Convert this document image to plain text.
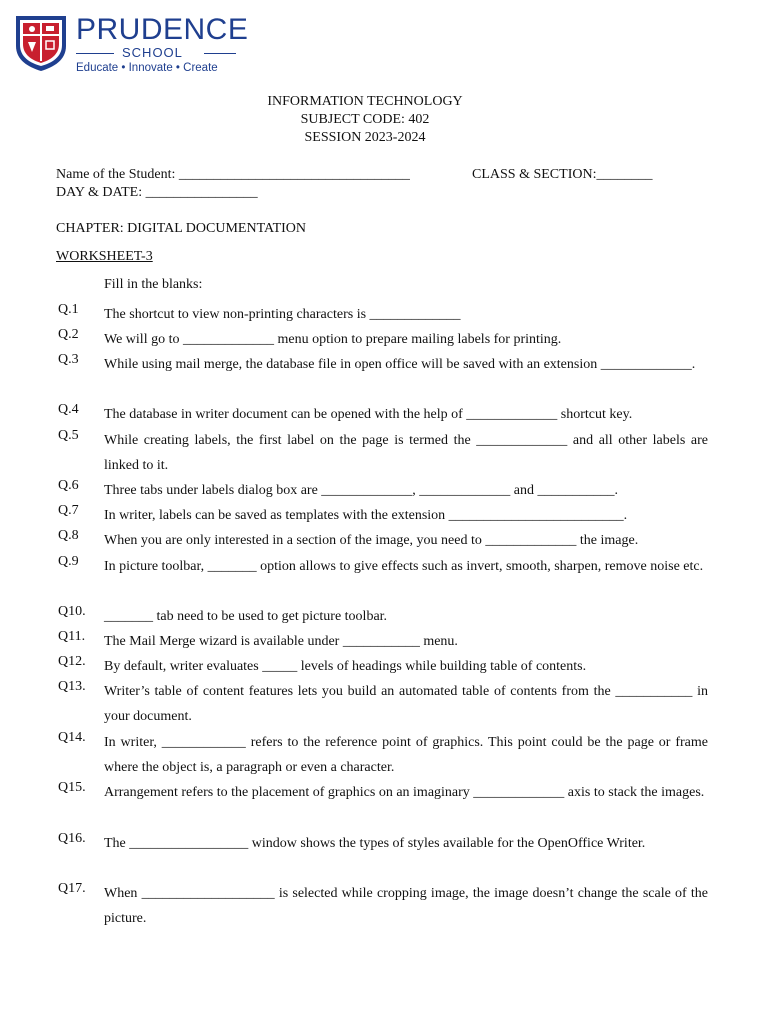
PRUDENCE
SCHOOL
Educate • Innovate • Create
INFORMATION TECHNOLOGY
SUBJECT CODE: 402
SESSION 2023-2024
Name of the Student: _________________________________	CLASS & SECTION:________
DAY & DATE: ________________
CHAPTER: DIGITAL DOCUMENTATION
WORKSHEET-3
Fill in the blanks:
Q.1 The shortcut to view non-printing characters is _____________
Q.2 We will go to _____________ menu option to prepare mailing labels for printing.
Q.3 While using mail merge, the database file in open office will be saved with an extension _____________.
Q.4 The database in writer document can be opened with the help of _____________ shortcut key.
Q.5 While creating labels, the first label on the page is termed the _____________ and all other labels are linked to it.
Q.6 Three tabs under labels dialog box are _____________, _____________ and ___________.
Q.7 In writer, labels can be saved as templates with the extension _________________________.
Q.8 When you are only interested in a section of the image, you need to _____________ the image.
Q.9 In picture toolbar, _______ option allows to give effects such as invert, smooth, sharpen, remove noise etc.
Q10. _______ tab need to be used to get picture toolbar.
Q11. The Mail Merge wizard is available under ___________ menu.
Q12. By default, writer evaluates _____ levels of headings while building table of contents.
Q13. Writer’s table of content features lets you build an automated table of contents from the ___________ in your document.
Q14. In writer, ____________ refers to the reference point of graphics. This point could be the page or frame where the object is, a paragraph or even a character.
Q15. Arrangement refers to the placement of graphics on an imaginary _____________ axis to stack the images.
Q16. The _________________ window shows the types of styles available for the OpenOffice Writer.
Q17. When ___________________ is selected while cropping image, the image doesn’t change the scale of the picture.
